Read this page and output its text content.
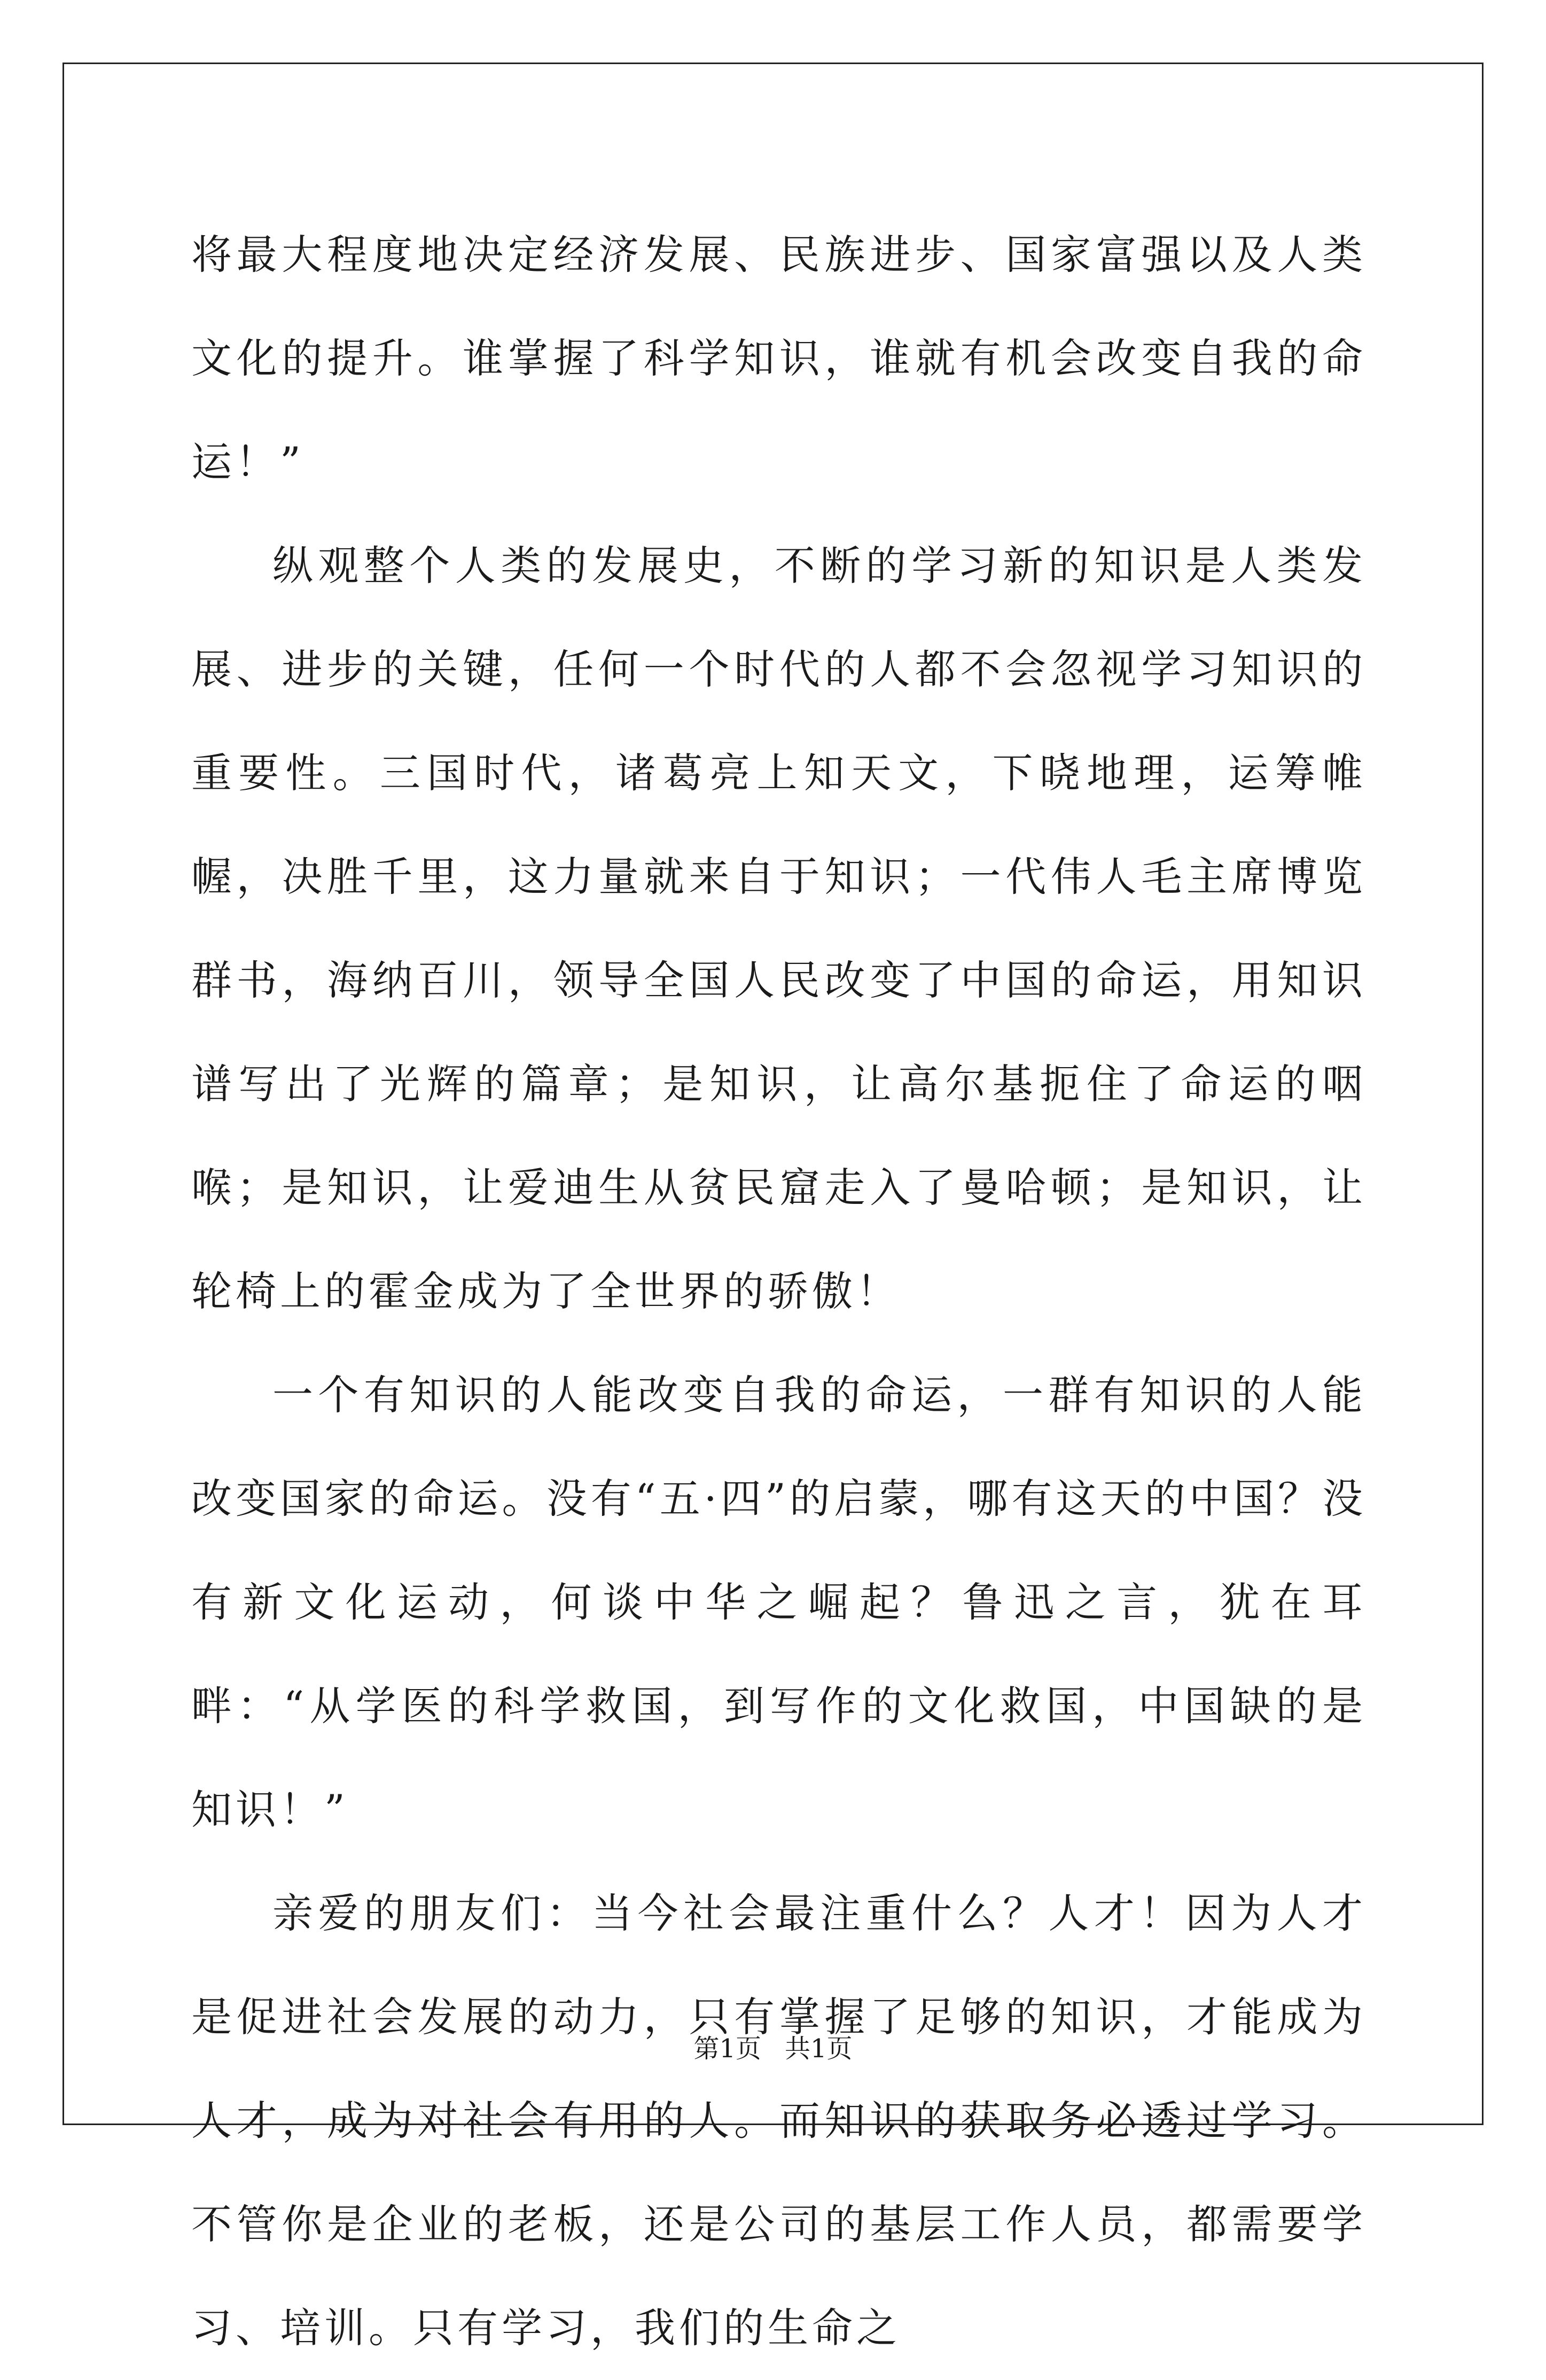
将最大程度地决定经济发展、民族进步、国家富强以及人类文化的提升。谁掌握了科学知识，谁就有机会改变自我的命运！”

纵观整个人类的发展史，不断的学习新的知识是人类发展、进步的关键，任何一个时代的人都不会忽视学习知识的重要性。三国时代，诸葛亮上知天文，下晓地理，运筹帷幄，决胜千里，这力量就来自于知识；一代伟人毛主席博览群书，海纳百川，领导全国人民改变了中国的命运，用知识谱写出了光辉的篇章；是知识，让高尔基扼住了命运的咽喉；是知识，让爱迪生从贫民窟走入了曼哈顿；是知识，让轮椅上的霍金成为了全世界的骄傲！

一个有知识的人能改变自我的命运，一群有知识的人能改变国家的命运。没有“五·四”的启蒙，哪有这天的中国？没有新文化运动，何谈中华之崛起？鲁迅之言，犹在耳畔：“从学医的科学救国，到写作的文化救国，中国缺的是知识！”

亲爱的朋友们：当今社会最注重什么？人才！因为人才是促进社会发展的动力，只有掌握了足够的知识，才能成为人才，成为对社会有用的人。而知识的获取务必透过学习。不管你是企业的老板，还是公司的基层工作人员，都需要学习、培训。只有学习，我们的生命之

第1页 共1页
